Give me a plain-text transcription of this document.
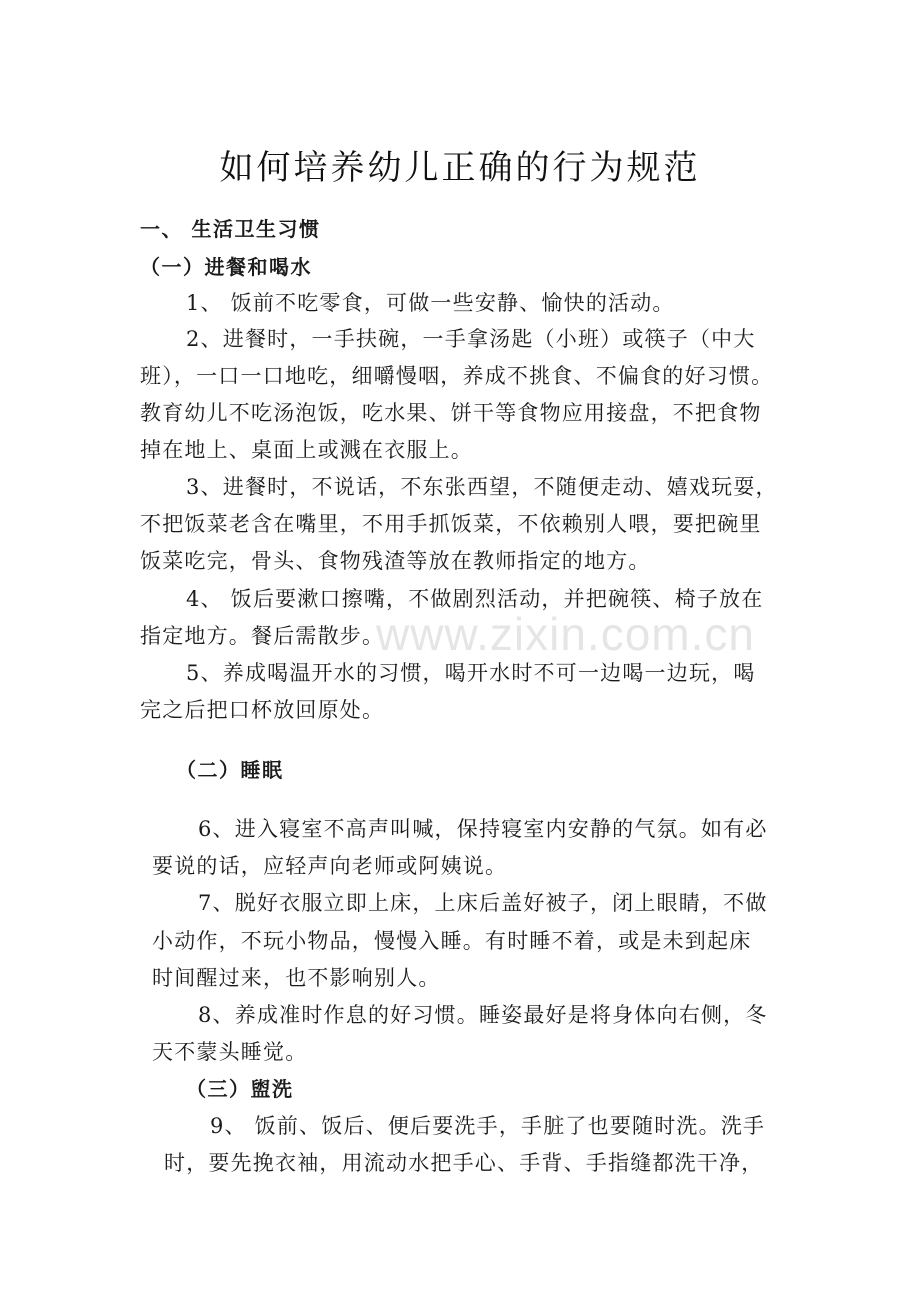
如何培养幼儿正确的行为规范
一、 生活卫生习惯
（一）进餐和喝水
1、 饭前不吃零食，可做一些安静、愉快的活动。
2、进餐时，一手扶碗，一手拿汤匙（小班）或筷子（中大
班），一口一口地吃，细嚼慢咽，养成不挑食、不偏食的好习惯。
教育幼儿不吃汤泡饭，吃水果、饼干等食物应用接盘，不把食物
掉在地上、桌面上或溅在衣服上。
3、进餐时，不说话，不东张西望，不随便走动、嬉戏玩耍，
不把饭菜老含在嘴里，不用手抓饭菜，不依赖别人喂，要把碗里
饭菜吃完，骨头、食物残渣等放在教师指定的地方。
4、 饭后要漱口擦嘴，不做剧烈活动，并把碗筷、椅子放在
指定地方。餐后需散步。
5、养成喝温开水的习惯，喝开水时不可一边喝一边玩，喝
完之后把口杯放回原处。
（二）睡眠
6、进入寝室不高声叫喊，保持寝室内安静的气氛。如有必
要说的话，应轻声向老师或阿姨说。
7、脱好衣服立即上床，上床后盖好被子，闭上眼睛，不做
小动作，不玩小物品，慢慢入睡。有时睡不着，或是未到起床
时间醒过来，也不影响别人。
8、养成准时作息的好习惯。睡姿最好是将身体向右侧，冬
天不蒙头睡觉。
（三）盥洗
9、 饭前、饭后、便后要洗手，手脏了也要随时洗。洗手
时，要先挽衣袖，用流动水把手心、手背、手指缝都洗干净，
www.zixin.com.cn
